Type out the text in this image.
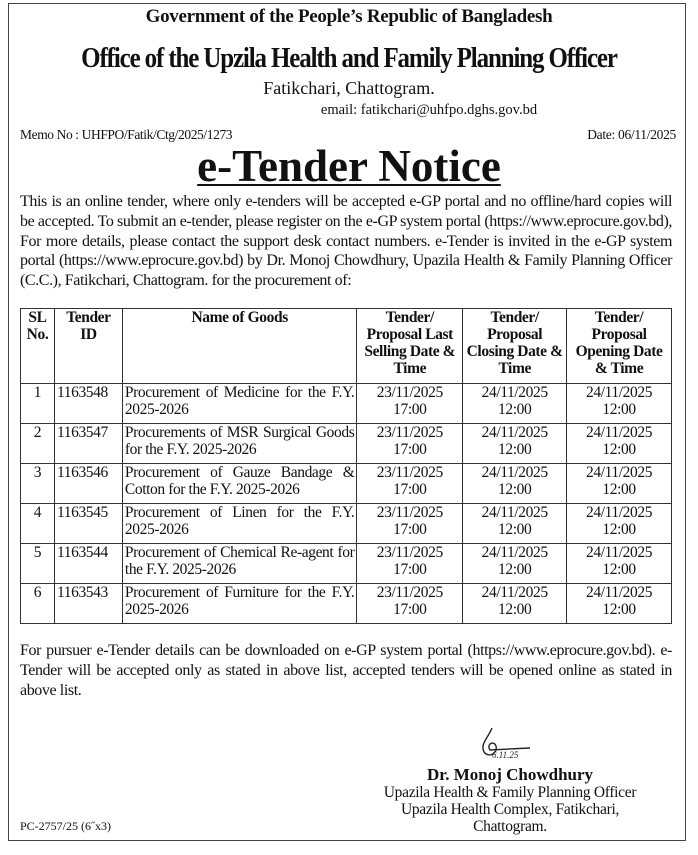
Government of the People’s Republic of Bangladesh
Office of the Upzila Health and Family Planning Officer
Fatikchari, Chattogram.
email: fatikchari@uhfpo.dghs.gov.bd
Memo No : UHFPO/Fatik/Ctg/2025/1273	Date: 06/11/2025
e-Tender Notice
This is an online tender, where only e-tenders will be accepted e-GP portal and no offline/hard copies will be accepted. To submit an e-tender, please register on the e-GP system portal (https://www.eprocure.gov.bd), For more details, please contact the support desk contact numbers. e-Tender is invited in the e-GP system portal (https://www.eprocure.gov.bd) by Dr. Monoj Chowdhury, Upazila Health & Family Planning Officer (C.C.), Fatikchari, Chattogram. for the procurement of:
SL No.	Tender ID	Name of Goods	Tender/ Proposal Last Selling Date & Time	Tender/ Proposal Closing Date & Time	Tender/ Proposal Opening Date & Time
1	1163548	Procurement of Medicine for the F.Y. 2025-2026	23/11/2025 17:00	24/11/2025 12:00	24/11/2025 12:00
2	1163547	Procurements of MSR Surgical Goods for the F.Y. 2025-2026	23/11/2025 17:00	24/11/2025 12:00	24/11/2025 12:00
3	1163546	Procurement of Gauze Bandage & Cotton for the F.Y. 2025-2026	23/11/2025 17:00	24/11/2025 12:00	24/11/2025 12:00
4	1163545	Procurement of Linen for the F.Y. 2025-2026	23/11/2025 17:00	24/11/2025 12:00	24/11/2025 12:00
5	1163544	Procurement of Chemical Re-agent for the F.Y. 2025-2026	23/11/2025 17:00	24/11/2025 12:00	24/11/2025 12:00
6	1163543	Procurement of Furniture for the F.Y. 2025-2026	23/11/2025 17:00	24/11/2025 12:00	24/11/2025 12:00
For pursuer e-Tender details can be downloaded on e-GP system portal (https://www.eprocure.gov.bd). e-Tender will be accepted only as stated in above list, accepted tenders will be opened online as stated in above list.
6.11.25
Dr. Monoj Chowdhury
Upazila Health & Family Planning Officer
Upazila Health Complex, Fatikchari,
Chattogram.
PC-2757/25 (6˝x3)
